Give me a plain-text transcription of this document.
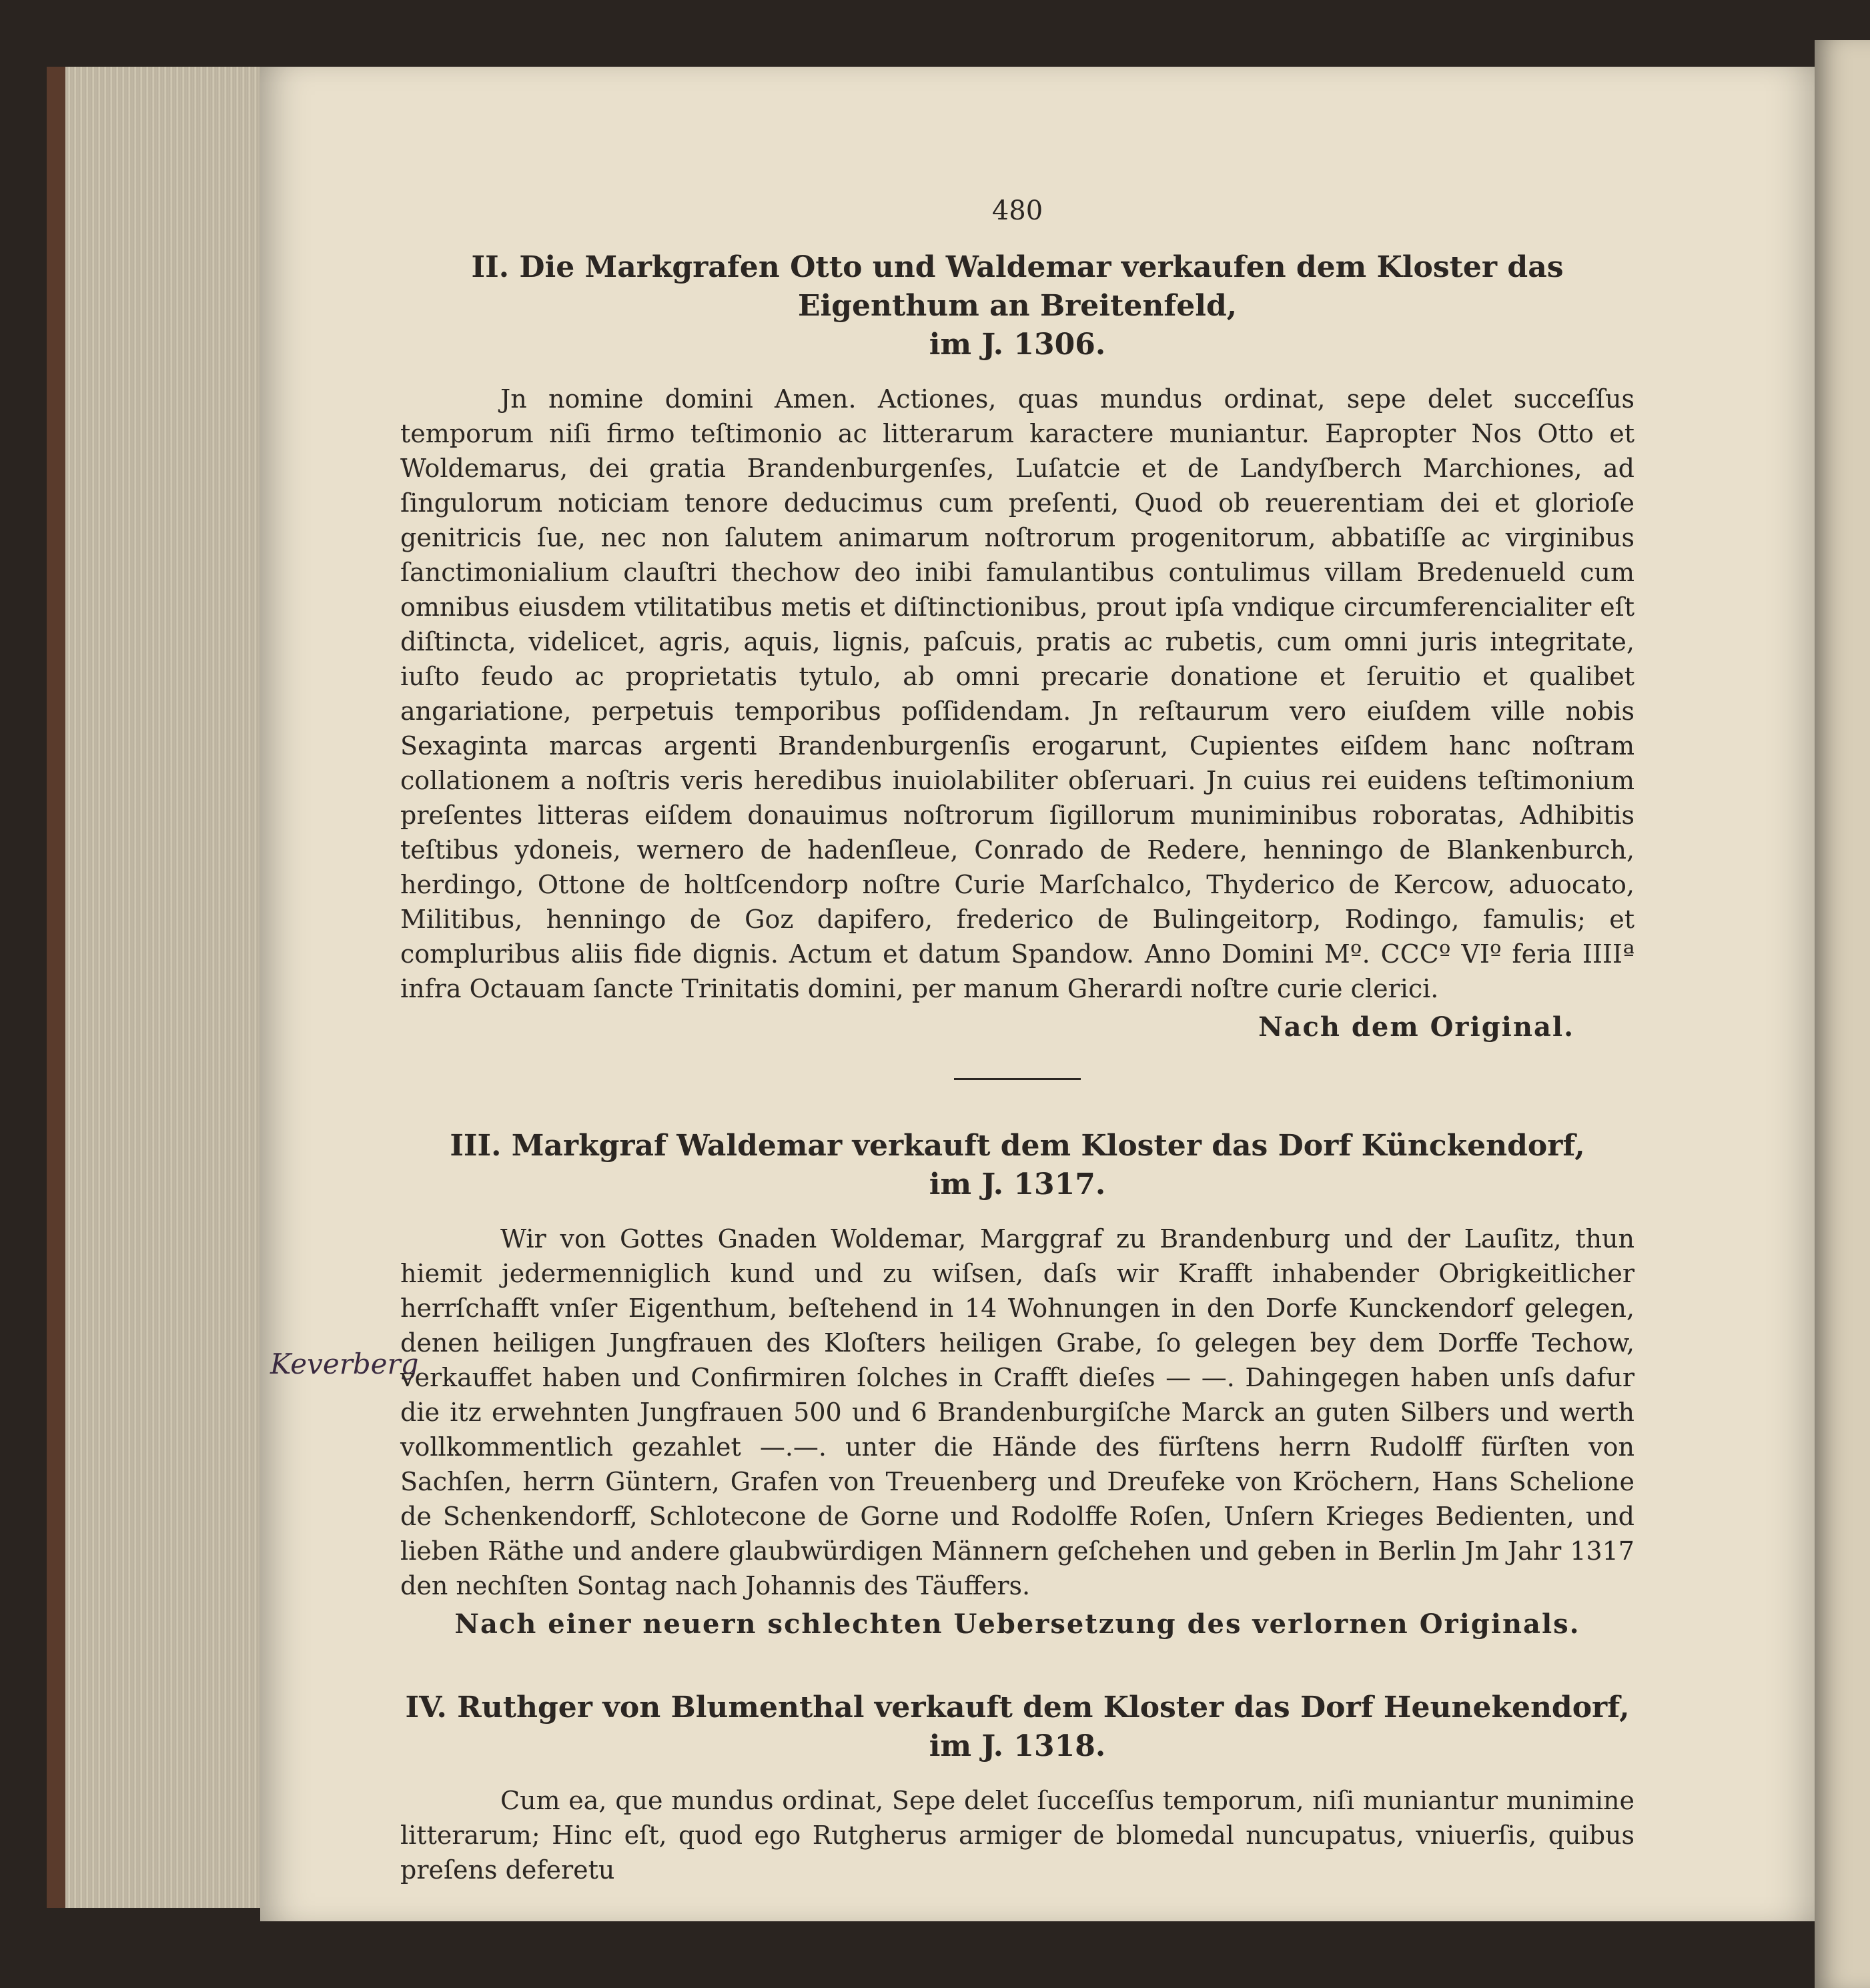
Keverberg
480
II. Die Markgrafen Otto und Waldemar verkaufen dem Kloster das Eigenthum an Breitenfeld,
im J. 1306.

Jn nomine domini Amen. Actiones, quas mundus ordinat, sepe delet succeſſus temporum niſi firmo teſtimonio ac litterarum karactere muniantur. Eapropter Nos Otto et Woldemarus, dei gratia Brandenburgenſes, Luſatcie et de Landyſberch Marchiones, ad ſingulorum noticiam tenore deducimus cum preſenti, Quod ob reuerentiam dei et glorioſe genitricis ſue, nec non ſalutem animarum noſtrorum progenitorum, abbatiſſe ac virginibus ſanctimonialium clauſtri thechow deo inibi famulantibus contulimus villam Bredenueld cum omnibus eiusdem vtilitatibus metis et diſtinctionibus, prout ipſa vndique circumferencialiter eſt diſtincta, videlicet, agris, aquis, lignis, paſcuis, pratis ac rubetis, cum omni juris integritate, iuſto feudo ac proprietatis tytulo, ab omni precarie donatione et ſeruitio et qualibet angariatione, perpetuis temporibus poſſidendam. Jn reſtaurum vero eiuſdem ville nobis Sexaginta marcas argenti Brandenburgenſis erogarunt, Cupientes eiſdem hanc noſtram collationem a noſtris veris heredibus inuiolabiliter obſeruari. Jn cuius rei euidens teſtimonium preſentes litteras eiſdem donauimus noſtrorum ſigillorum muniminibus roboratas, Adhibitis teſtibus ydoneis, wernero de hadenſleue, Conrado de Redere, henningo de Blankenburch, herdingo, Ottone de holtſcendorp noſtre Curie Marſchalco, Thyderico de Kercow, aduocato, Militibus, henningo de Goz dapifero, frederico de Bulingeitorp, Rodingo, famulis; et compluribus aliis fide dignis. Actum et datum Spandow. Anno Domini Mº. CCCº VIº feria IIIIª infra Octauam ſancte Trinitatis domini, per manum Gherardi noſtre curie clerici.

Nach dem Original.
III. Markgraf Waldemar verkauft dem Kloster das Dorf Künckendorf,
im J. 1317.

Wir von Gottes Gnaden Woldemar, Marggraf zu Brandenburg und der Lauſitz, thun hiemit jedermenniglich kund und zu wiſsen, daſs wir Krafft inhabender Obrigkeitlicher herrſchafft vnſer Eigenthum, beſtehend in 14 Wohnungen in den Dorfe Kunckendorf gelegen, denen heiligen Jungfrauen des Kloſters heiligen Grabe, ſo gelegen bey dem Dorffe Techow, verkauffet haben und Confirmiren ſolches in Crafft dieſes — —. Dahingegen haben unſs dafur die itz erwehnten Jungfrauen 500 und 6 Brandenburgiſche Marck an guten Silbers und werth vollkommentlich gezahlet —.—. unter die Hände des fürſtens herrn Rudolff fürſten von Sachſen, herrn Güntern, Grafen von Treuenberg und Dreufeke von Kröchern, Hans Schelione de Schenkendorff, Schlotecone de Gorne und Rodolffe Roſen, Unſern Krieges Bedienten, und lieben Räthe und andere glaubwürdigen Männern geſchehen und geben in Berlin Jm Jahr 1317 den nechſten Sontag nach Johannis des Täuffers.

Nach einer neuern schlechten Uebersetzung des verlornen Originals.
IV. Ruthger von Blumenthal verkauft dem Kloster das Dorf Heunekendorf,
im J. 1318.

Cum ea, que mundus ordinat, Sepe delet ſucceſſus temporum, niſi muniantur munimine litterarum; Hinc eſt, quod ego Rutgherus armiger de blomedal nuncupatus, vniuerſis, quibus preſens deferetu
